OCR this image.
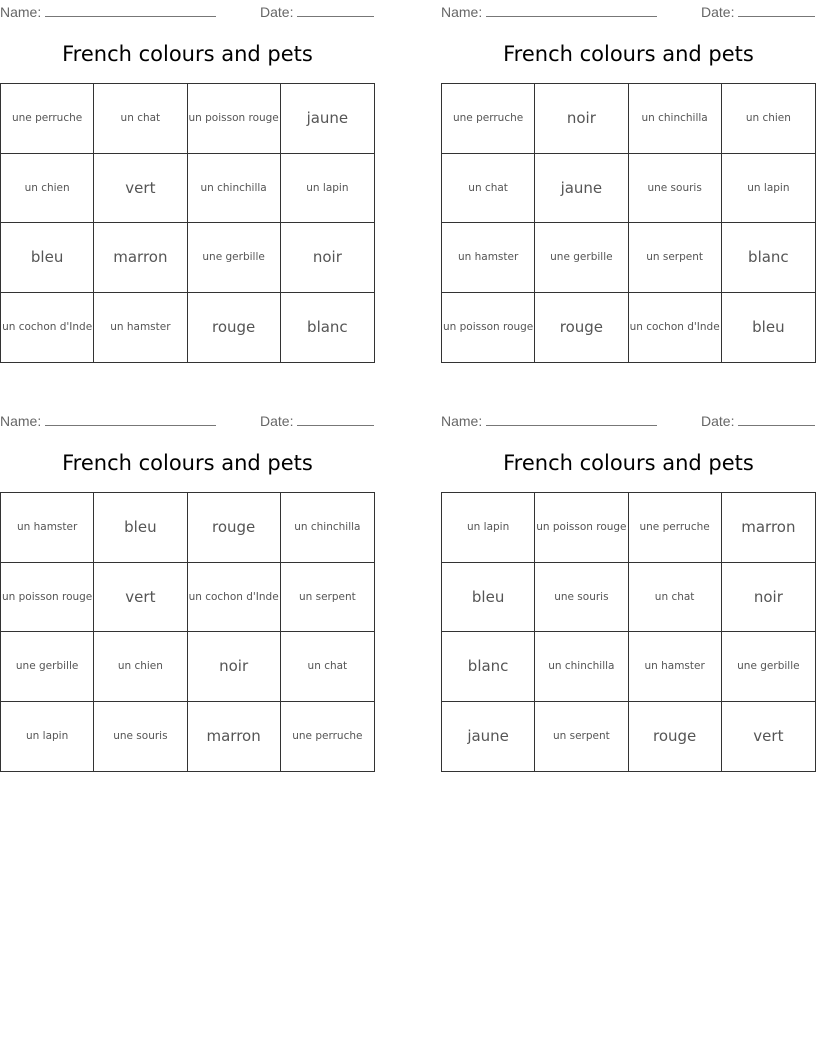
Name:	Date:
French colours and pets
une perruche	un chat	un poisson rouge	jaune
un chien	vert	un chinchilla	un lapin
bleu	marron	une gerbille	noir
un cochon d'Inde	un hamster	rouge	blanc
Name:	Date:
French colours and pets
une perruche	noir	un chinchilla	un chien
un chat	jaune	une souris	un lapin
un hamster	une gerbille	un serpent	blanc
un poisson rouge	rouge	un cochon d'Inde	bleu
Name:	Date:
French colours and pets
un hamster	bleu	rouge	un chinchilla
un poisson rouge	vert	un cochon d'Inde	un serpent
une gerbille	un chien	noir	un chat
un lapin	une souris	marron	une perruche
Name:	Date:
French colours and pets
un lapin	un poisson rouge	une perruche	marron
bleu	une souris	un chat	noir
blanc	un chinchilla	un hamster	une gerbille
jaune	un serpent	rouge	vert
